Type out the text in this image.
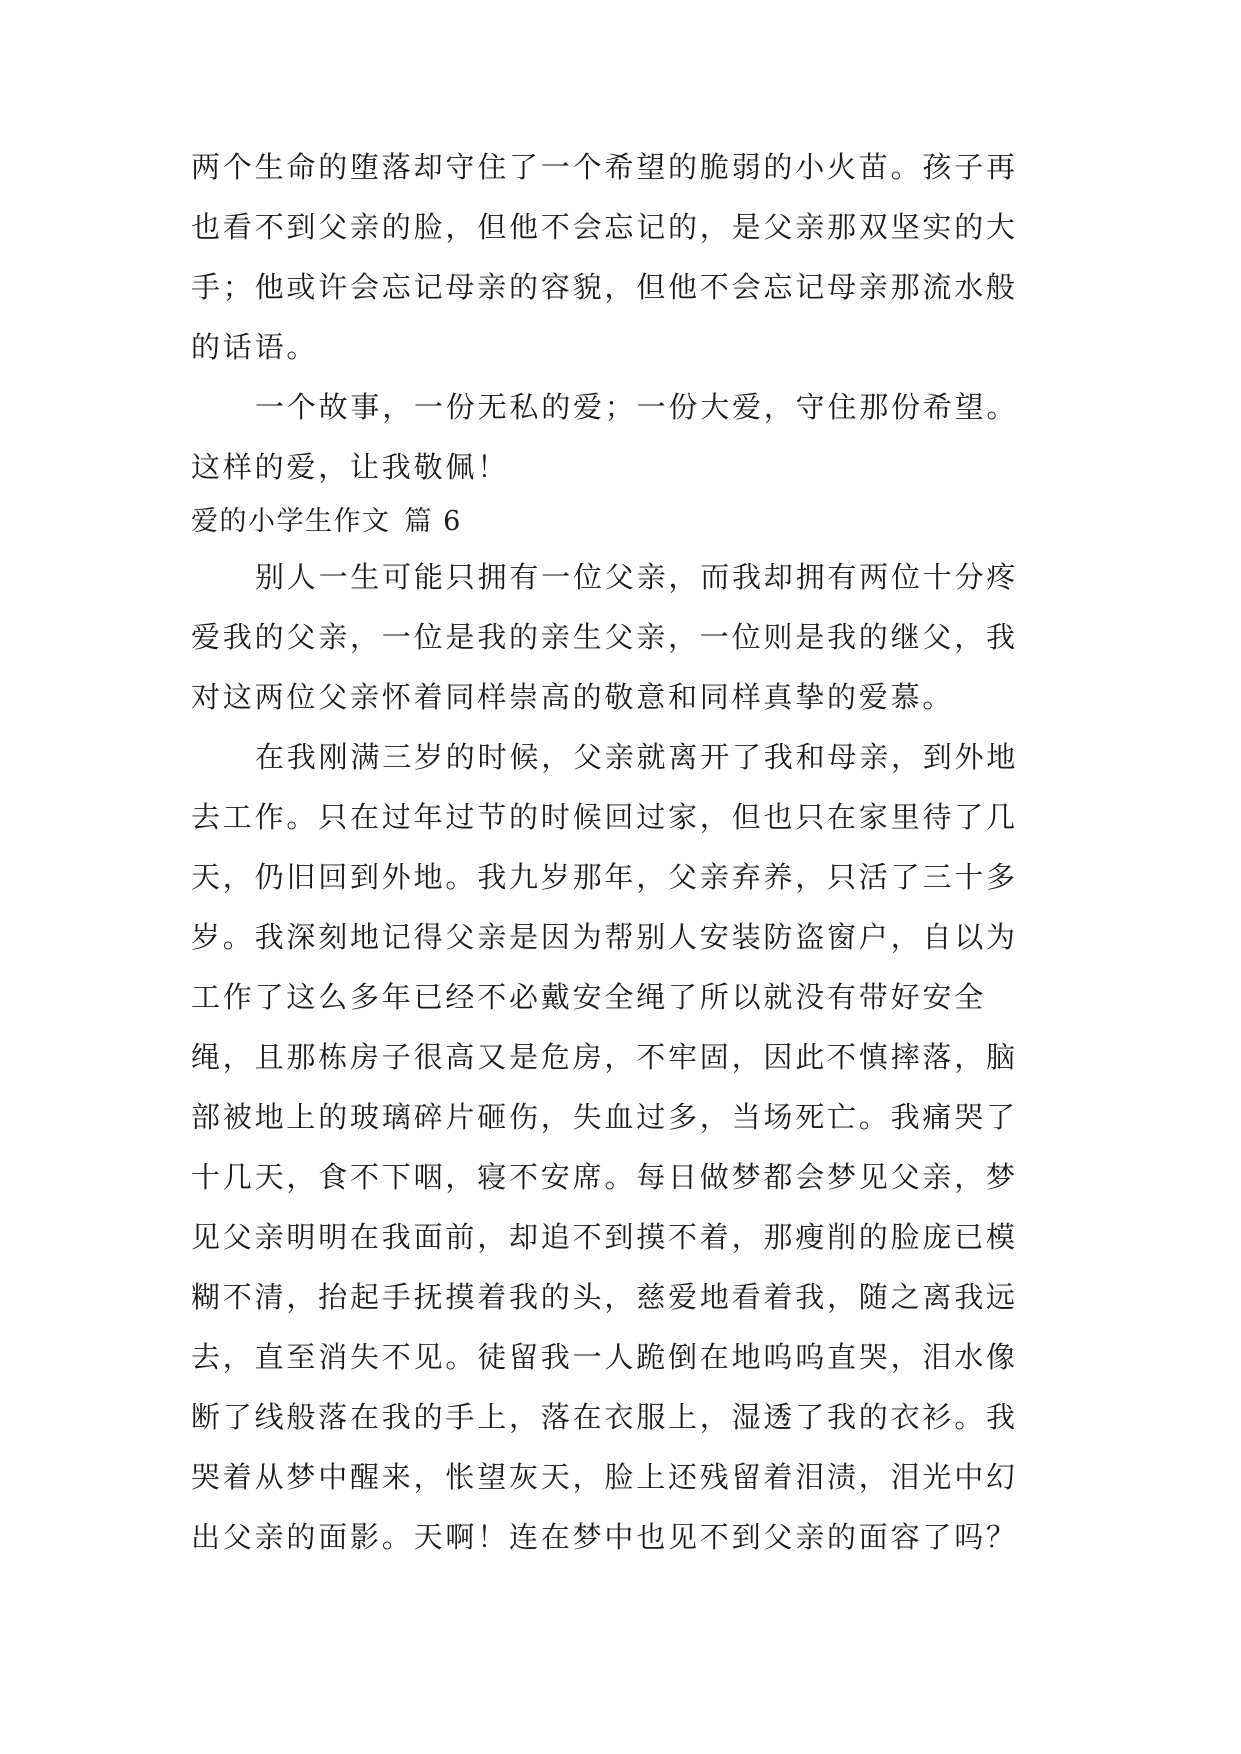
两个生命的堕落却守住了一个希望的脆弱的小火苗。孩子再
也看不到父亲的脸，但他不会忘记的，是父亲那双坚实的大
手；他或许会忘记母亲的容貌，但他不会忘记母亲那流水般
的话语。
一个故事，一份无私的爱；一份大爱，守住那份希望。
这样的爱，让我敬佩！
爱的小学生作文 篇 6
别人一生可能只拥有一位父亲，而我却拥有两位十分疼
爱我的父亲，一位是我的亲生父亲，一位则是我的继父，我
对这两位父亲怀着同样崇高的敬意和同样真挚的爱慕。
在我刚满三岁的时候，父亲就离开了我和母亲，到外地
去工作。只在过年过节的时候回过家，但也只在家里待了几
天，仍旧回到外地。我九岁那年，父亲弃养，只活了三十多
岁。我深刻地记得父亲是因为帮别人安装防盗窗户，自以为
工作了这么多年已经不必戴安全绳了所以就没有带好安全
绳，且那栋房子很高又是危房，不牢固，因此不慎摔落，脑
部被地上的玻璃碎片砸伤，失血过多，当场死亡。我痛哭了
十几天，食不下咽，寝不安席。每日做梦都会梦见父亲，梦
见父亲明明在我面前，却追不到摸不着，那瘦削的脸庞已模
糊不清，抬起手抚摸着我的头，慈爱地看着我，随之离我远
去，直至消失不见。徒留我一人跪倒在地呜呜直哭，泪水像
断了线般落在我的手上，落在衣服上，湿透了我的衣衫。我
哭着从梦中醒来，怅望灰天，脸上还残留着泪渍，泪光中幻
出父亲的面影。天啊！连在梦中也见不到父亲的面容了吗？
